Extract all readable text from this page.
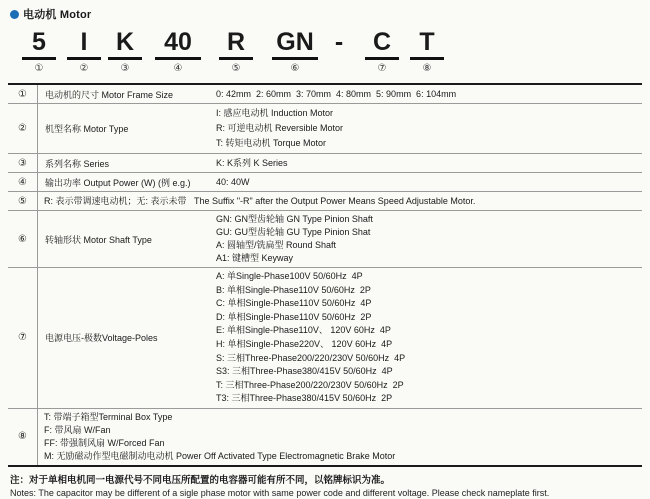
电动机 Motor
5
①
I
②
K
③
40
④
R
⑤
GN
⑥
-	C
⑦
T
⑧
①	电动机的尺寸 Motor Frame Size	0: 42mm  2: 60mm  3: 70mm  4: 80mm  5: 90mm  6: 104mm
②	机型名称 Motor Type
I: 感应电动机 Induction Motor
R: 可逆电动机 Reversible Motor
T: 转矩电动机 Torque Motor
③	系列名称 Series	K: K系列 K Series
④	输出功率 Output Power (W) (例 e.g.)	40: 40W
⑤	R: 表示带调速电动机；无: 表示未带   The Suffix "-R" after the Output Power Means Speed Adjustable Motor.
⑥	转轴形状 Motor Shaft Type
GN: GN型齿轮轴 GN Type Pinion Shaft
GU: GU型齿轮轴 GU Type Pinion Shat
A: 圆轴型/铣扁型 Round Shaft
A1: 键槽型 Keyway
⑦	电源电压-极数Voltage-Poles
A: 单Single-Phase100V 50/60Hz  4P
B: 单相Single-Phase110V 50/60Hz  2P
C: 单相Single-Phase110V 50/60Hz  4P
D: 单相Single-Phase110V 50/60Hz  2P
E: 单相Single-Phase110V、 120V 60Hz  4P
H: 单相Single-Phase220V、 120V 60Hz  4P
S: 三相Three-Phase200/220/230V 50/60Hz  4P
S3: 三相Three-Phase380/415V 50/60Hz  4P
T: 三相Three-Phase200/220/230V 50/60Hz  2P
T3: 三相Three-Phase380/415V 50/60Hz  2P
⑧
T: 带端子箱型Terminal Box Type
F: 带风扇 W/Fan
FF: 带强制风扇 W/Forced Fan
M: 无励磁动作型电磁制动电动机 Power Off Activated Type Electromagnetic Brake Motor
注：对于单相电机同一电源代号不同电压所配置的电容器可能有所不同，以铭牌标识为准。
Notes: The capacitor may be different of a sigle phase motor with same power code and different voltage. Please check nameplate first.
